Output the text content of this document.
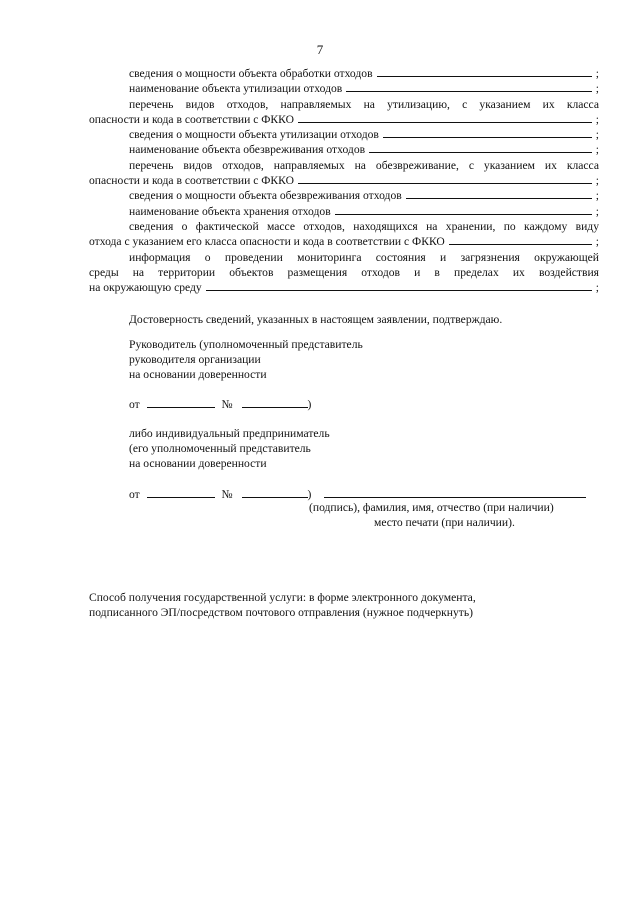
7
сведения о мощности объекта обработки отходов	;
наименование объекта утилизации отходов	;
перечень видов отходов, направляемых на утилизацию, с указанием их класса
опасности и кода в соответствии с ФККО	;
сведения о мощности объекта утилизации отходов	;
наименование объекта обезвреживания отходов	;
перечень видов отходов, направляемых на обезвреживание, с указанием их класса
опасности и кода в соответствии с ФККО	;
сведения о мощности объекта обезвреживания отходов	;
наименование объекта хранения отходов	;
сведения о фактической массе отходов, находящихся на хранении, по каждому виду
отхода с указанием его класса опасности и кода в соответствии с ФККО	;
информация о проведении мониторинга состояния и загрязнения окружающей
среды на территории объектов размещения отходов и в пределах их воздействия
на окружающую среду	;
Достоверность сведений, указанных в настоящем заявлении, подтверждаю.
Руководитель (уполномоченный представитель
руководителя организации
на основании доверенности
от	№	)
либо индивидуальный предприниматель
(его уполномоченный представитель
на основании доверенности
от	№	)
(подпись), фамилия, имя, отчество (при наличии)
место печати (при наличии).
Способ получения государственной услуги: в форме электронного документа,
подписанного ЭП/посредством почтового отправления (нужное подчеркнуть)
